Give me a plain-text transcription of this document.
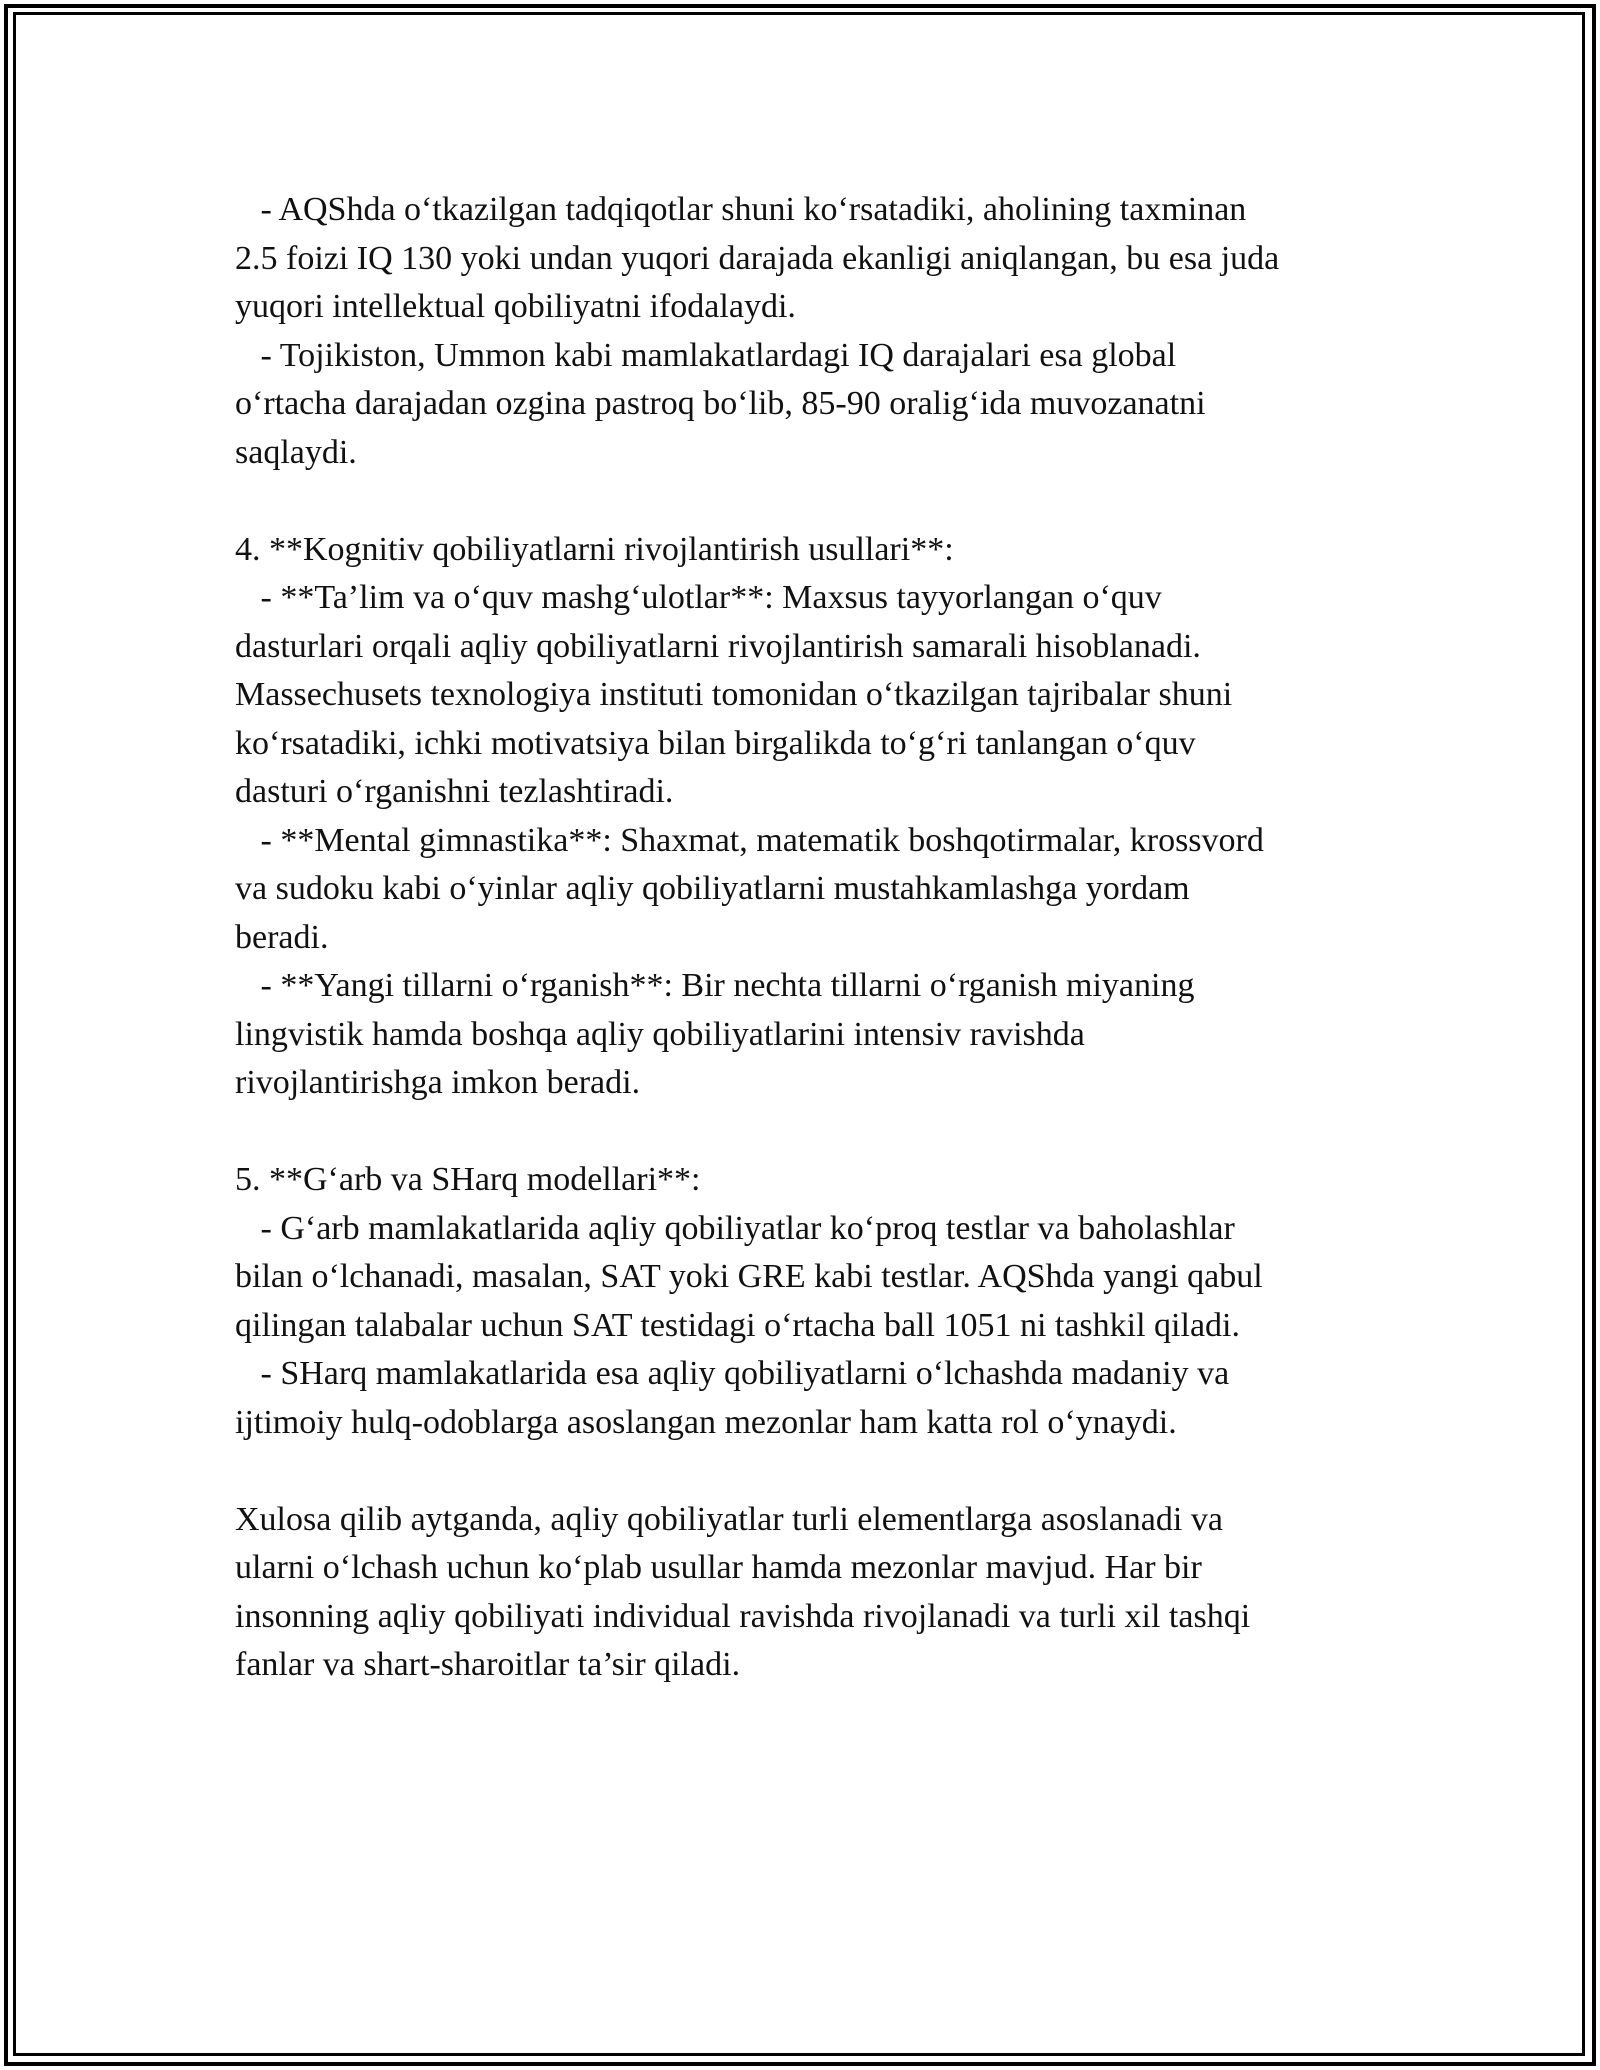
- AQShda o‘tkazilgan tadqiqotlar shuni ko‘rsatadiki, aholining taxminan
2.5 foizi IQ 130 yoki undan yuqori darajada ekanligi aniqlangan, bu esa juda
yuqori intellektual qobiliyatni ifodalaydi.
- Tojikiston, Ummon kabi mamlakatlardagi IQ darajalari esa global
o‘rtacha darajadan ozgina pastroq bo‘lib, 85-90 oralig‘ida muvozanatni
saqlaydi.
4. **Kognitiv qobiliyatlarni rivojlantirish usullari**:
- **Ta’lim va o‘quv mashg‘ulotlar**: Maxsus tayyorlangan o‘quv
dasturlari orqali aqliy qobiliyatlarni rivojlantirish samarali hisoblanadi.
Massechusets texnologiya instituti tomonidan o‘tkazilgan tajribalar shuni
ko‘rsatadiki, ichki motivatsiya bilan birgalikda to‘g‘ri tanlangan o‘quv
dasturi o‘rganishni tezlashtiradi.
- **Mental gimnastika**: Shaxmat, matematik boshqotirmalar, krossvord
va sudoku kabi o‘yinlar aqliy qobiliyatlarni mustahkamlashga yordam
beradi.
- **Yangi tillarni o‘rganish**: Bir nechta tillarni o‘rganish miyaning
lingvistik hamda boshqa aqliy qobiliyatlarini intensiv ravishda
rivojlantirishga imkon beradi.
5. **G‘arb va SHarq modellari**:
- G‘arb mamlakatlarida aqliy qobiliyatlar ko‘proq testlar va baholashlar
bilan o‘lchanadi, masalan, SAT yoki GRE kabi testlar. AQShda yangi qabul
qilingan talabalar uchun SAT testidagi o‘rtacha ball 1051 ni tashkil qiladi.
- SHarq mamlakatlarida esa aqliy qobiliyatlarni o‘lchashda madaniy va
ijtimoiy hulq-odoblarga asoslangan mezonlar ham katta rol o‘ynaydi.
Xulosa qilib aytganda, aqliy qobiliyatlar turli elementlarga asoslanadi va
ularni o‘lchash uchun ko‘plab usullar hamda mezonlar mavjud. Har bir
insonning aqliy qobiliyati individual ravishda rivojlanadi va turli xil tashqi
fanlar va shart-sharoitlar ta’sir qiladi.
